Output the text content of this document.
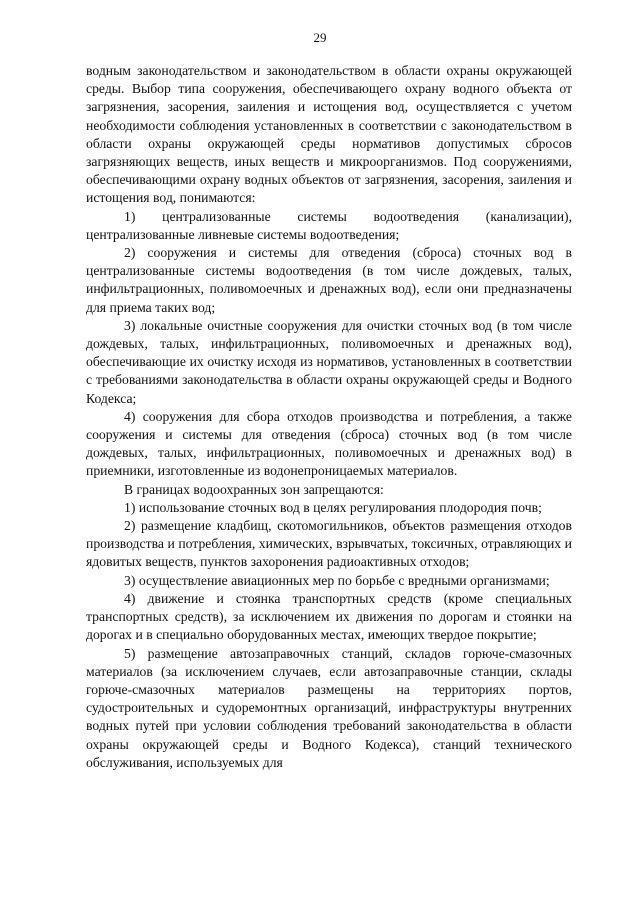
29

водным законодательством и законодательством в области охраны окружающей среды. Выбор типа сооружения, обеспечивающего охрану водного объекта от загрязнения, засорения, заиления и истощения вод, осуществляется с учетом необходимости соблюдения установленных в соответствии с законодательством в области охраны окружающей среды нормативов допустимых сбросов загрязняющих веществ, иных веществ и микроорганизмов. Под сооружениями, обеспечивающими охрану водных объектов от загрязнения, засорения, заиления и истощения вод, понимаются:

1) централизованные системы водоотведения (канализации), централизованные ливневые системы водоотведения;

2) сооружения и системы для отведения (сброса) сточных вод в централизованные системы водоотведения (в том числе дождевых, талых, инфильтрационных, поливомоечных и дренажных вод), если они предназначены для приема таких вод;

3) локальные очистные сооружения для очистки сточных вод (в том числе дождевых, талых, инфильтрационных, поливомоечных и дренажных вод), обеспечивающие их очистку исходя из нормативов, установленных в соответствии с требованиями законодательства в области охраны окружающей среды и Водного Кодекса;

4) сооружения для сбора отходов производства и потребления, а также сооружения и системы для отведения (сброса) сточных вод (в том числе дождевых, талых, инфильтрационных, поливомоечных и дренажных вод) в приемники, изготовленные из водонепроницаемых материалов.

В границах водоохранных зон запрещаются:

1) использование сточных вод в целях регулирования плодородия почв;

2) размещение кладбищ, скотомогильников, объектов размещения отходов производства и потребления, химических, взрывчатых, токсичных, отравляющих и ядовитых веществ, пунктов захоронения радиоактивных отходов;

3) осуществление авиационных мер по борьбе с вредными организмами;

4) движение и стоянка транспортных средств (кроме специальных транспортных средств), за исключением их движения по дорогам и стоянки на дорогах и в специально оборудованных местах, имеющих твердое покрытие;

5) размещение автозаправочных станций, складов горюче-смазочных материалов (за исключением случаев, если автозаправочные станции, склады горюче-смазочных материалов размещены на территориях портов, судостроительных и судоремонтных организаций, инфраструктуры внутренних водных путей при условии соблюдения требований законодательства в области охраны окружающей среды и Водного Кодекса), станций технического обслуживания, используемых для
